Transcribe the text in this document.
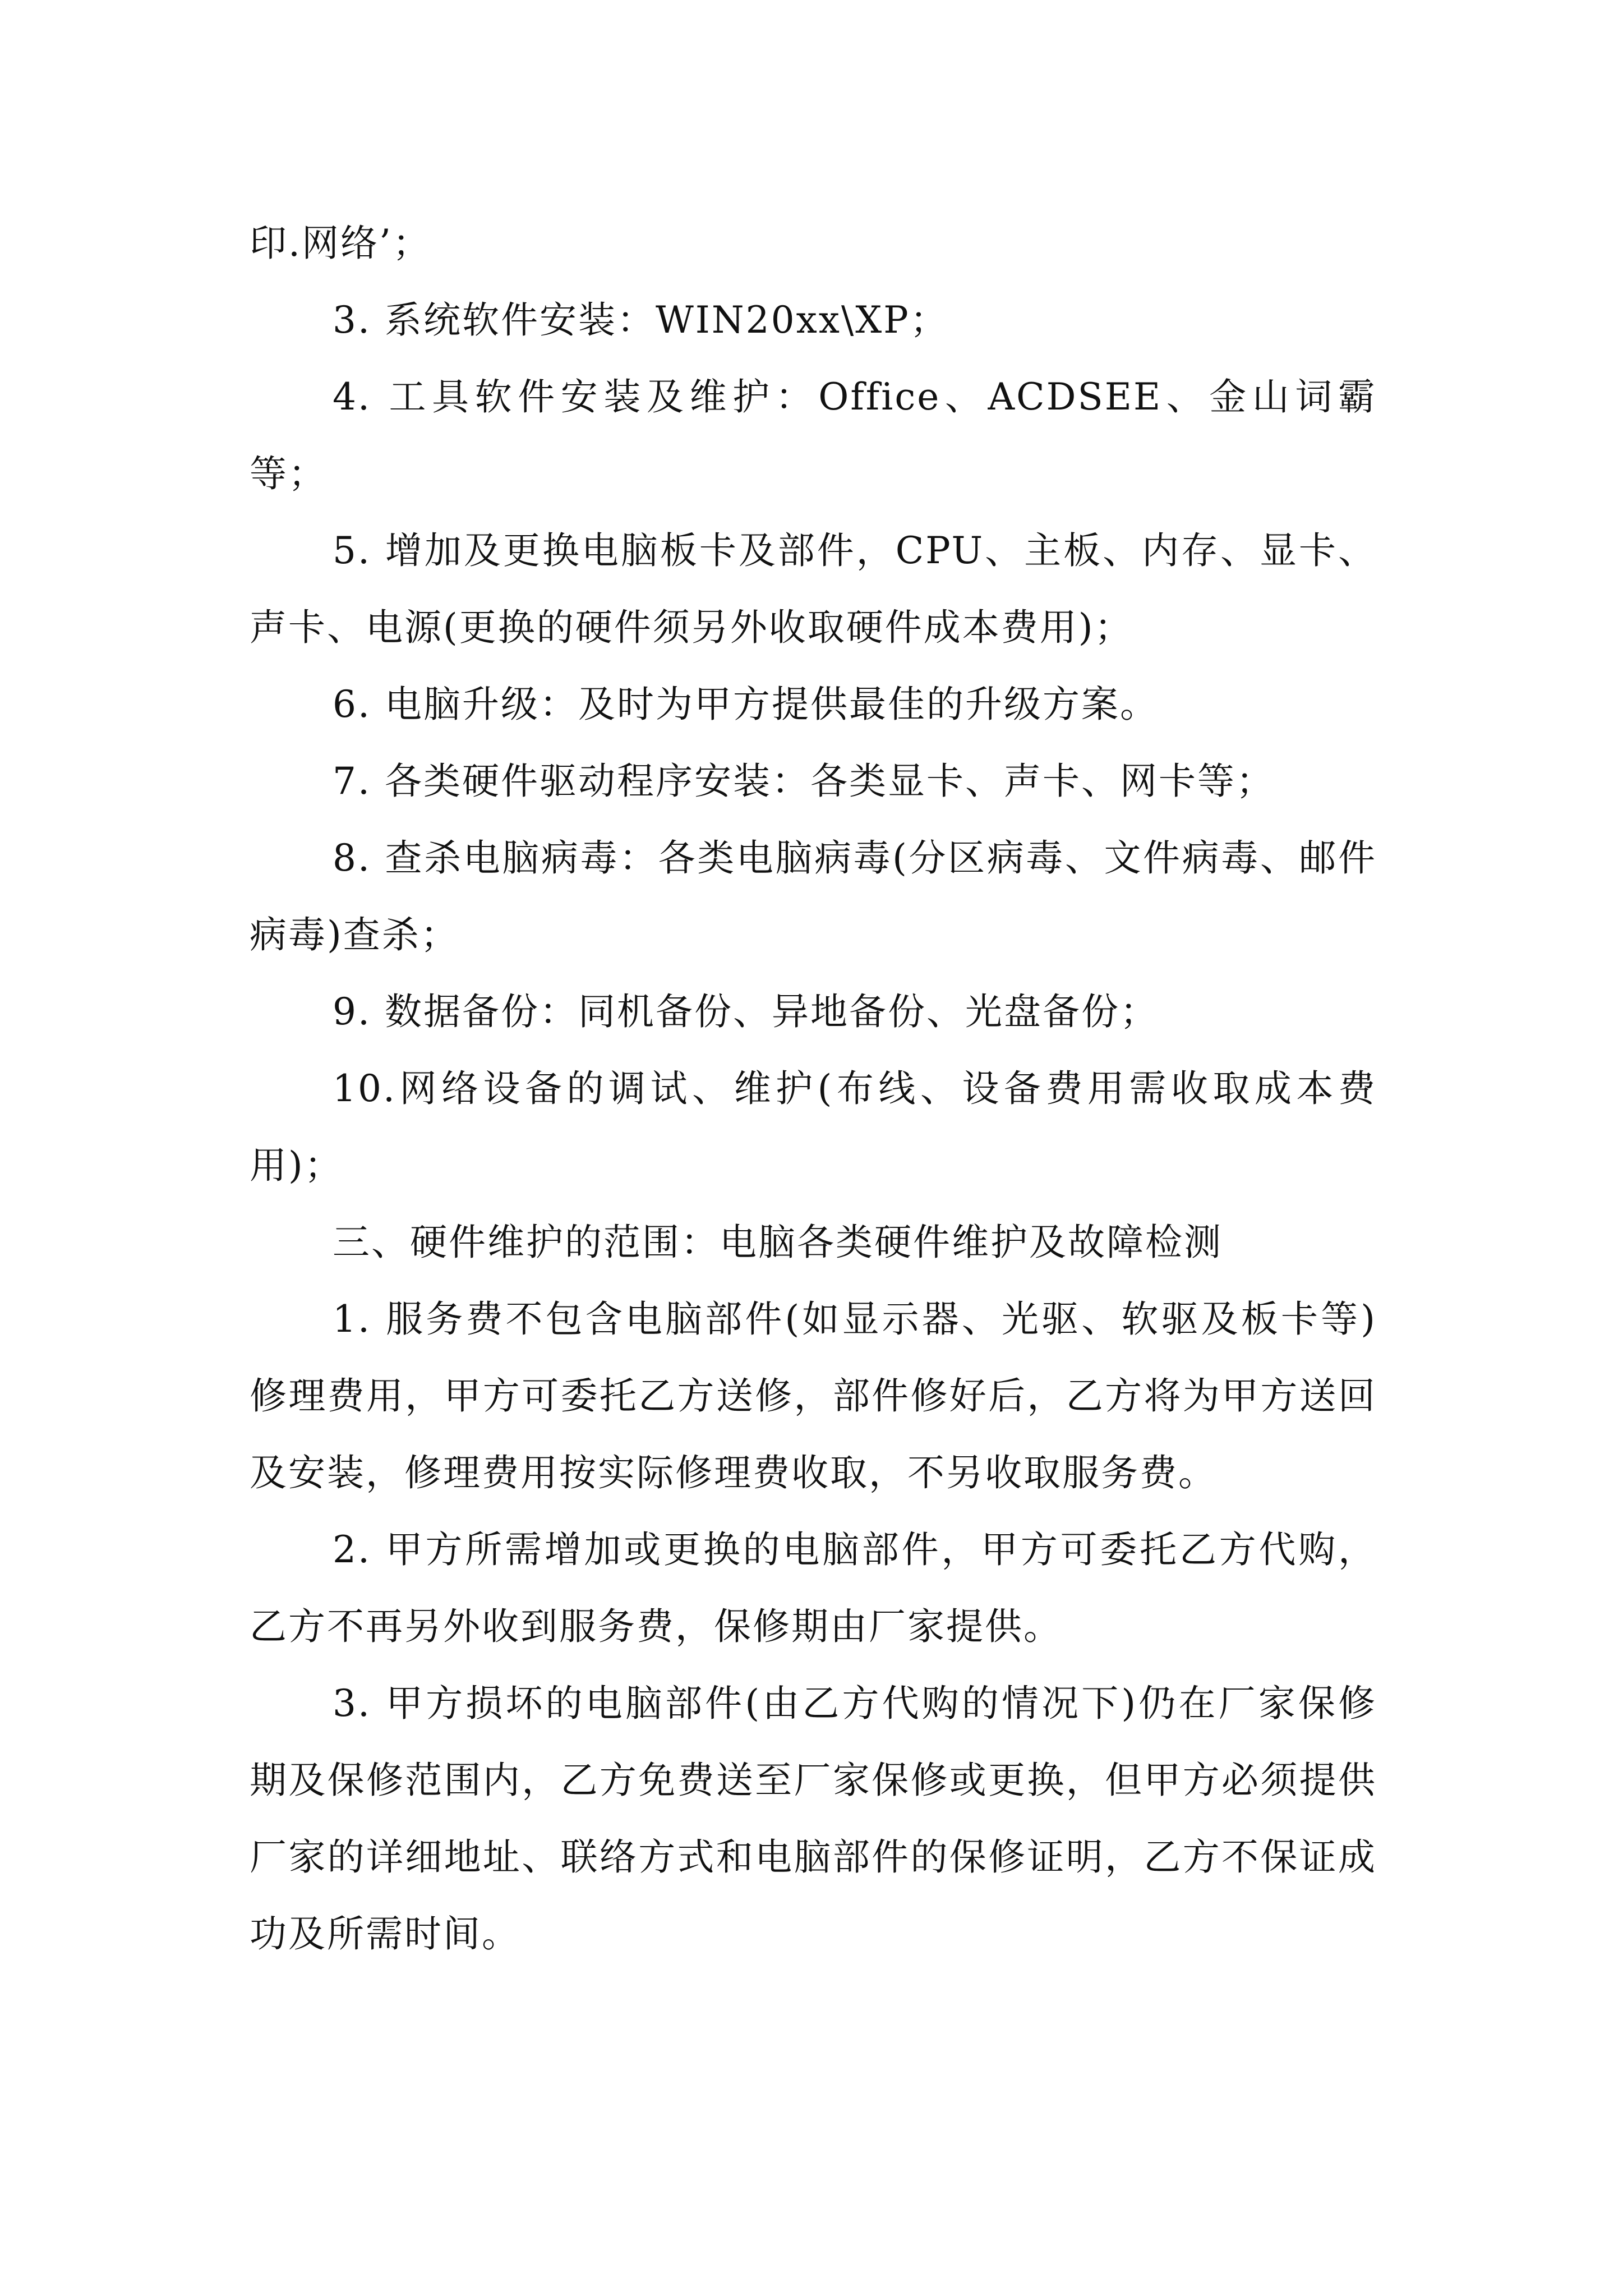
印.网络’；

3. 系统软件安装：WIN20xx\XP；

4. 工具软件安装及维护：Office、ACDSEE、金山词霸等；

5. 增加及更换电脑板卡及部件，CPU、主板、内存、显卡、声卡、电源(更换的硬件须另外收取硬件成本费用)；

6. 电脑升级：及时为甲方提供最佳的升级方案。

7. 各类硬件驱动程序安装：各类显卡、声卡、网卡等；

8. 查杀电脑病毒：各类电脑病毒(分区病毒、文件病毒、邮件病毒)查杀；

9. 数据备份：同机备份、异地备份、光盘备份；

10.网络设备的调试、维护(布线、设备费用需收取成本费用)；

三、硬件维护的范围：电脑各类硬件维护及故障检测

1. 服务费不包含电脑部件(如显示器、光驱、软驱及板卡等)修理费用，甲方可委托乙方送修，部件修好后，乙方将为甲方送回及安装，修理费用按实际修理费收取，不另收取服务费。

2. 甲方所需增加或更换的电脑部件，甲方可委托乙方代购，乙方不再另外收到服务费，保修期由厂家提供。

3. 甲方损坏的电脑部件(由乙方代购的情况下)仍在厂家保修期及保修范围内，乙方免费送至厂家保修或更换，但甲方必须提供厂家的详细地址、联络方式和电脑部件的保修证明，乙方不保证成功及所需时间。
